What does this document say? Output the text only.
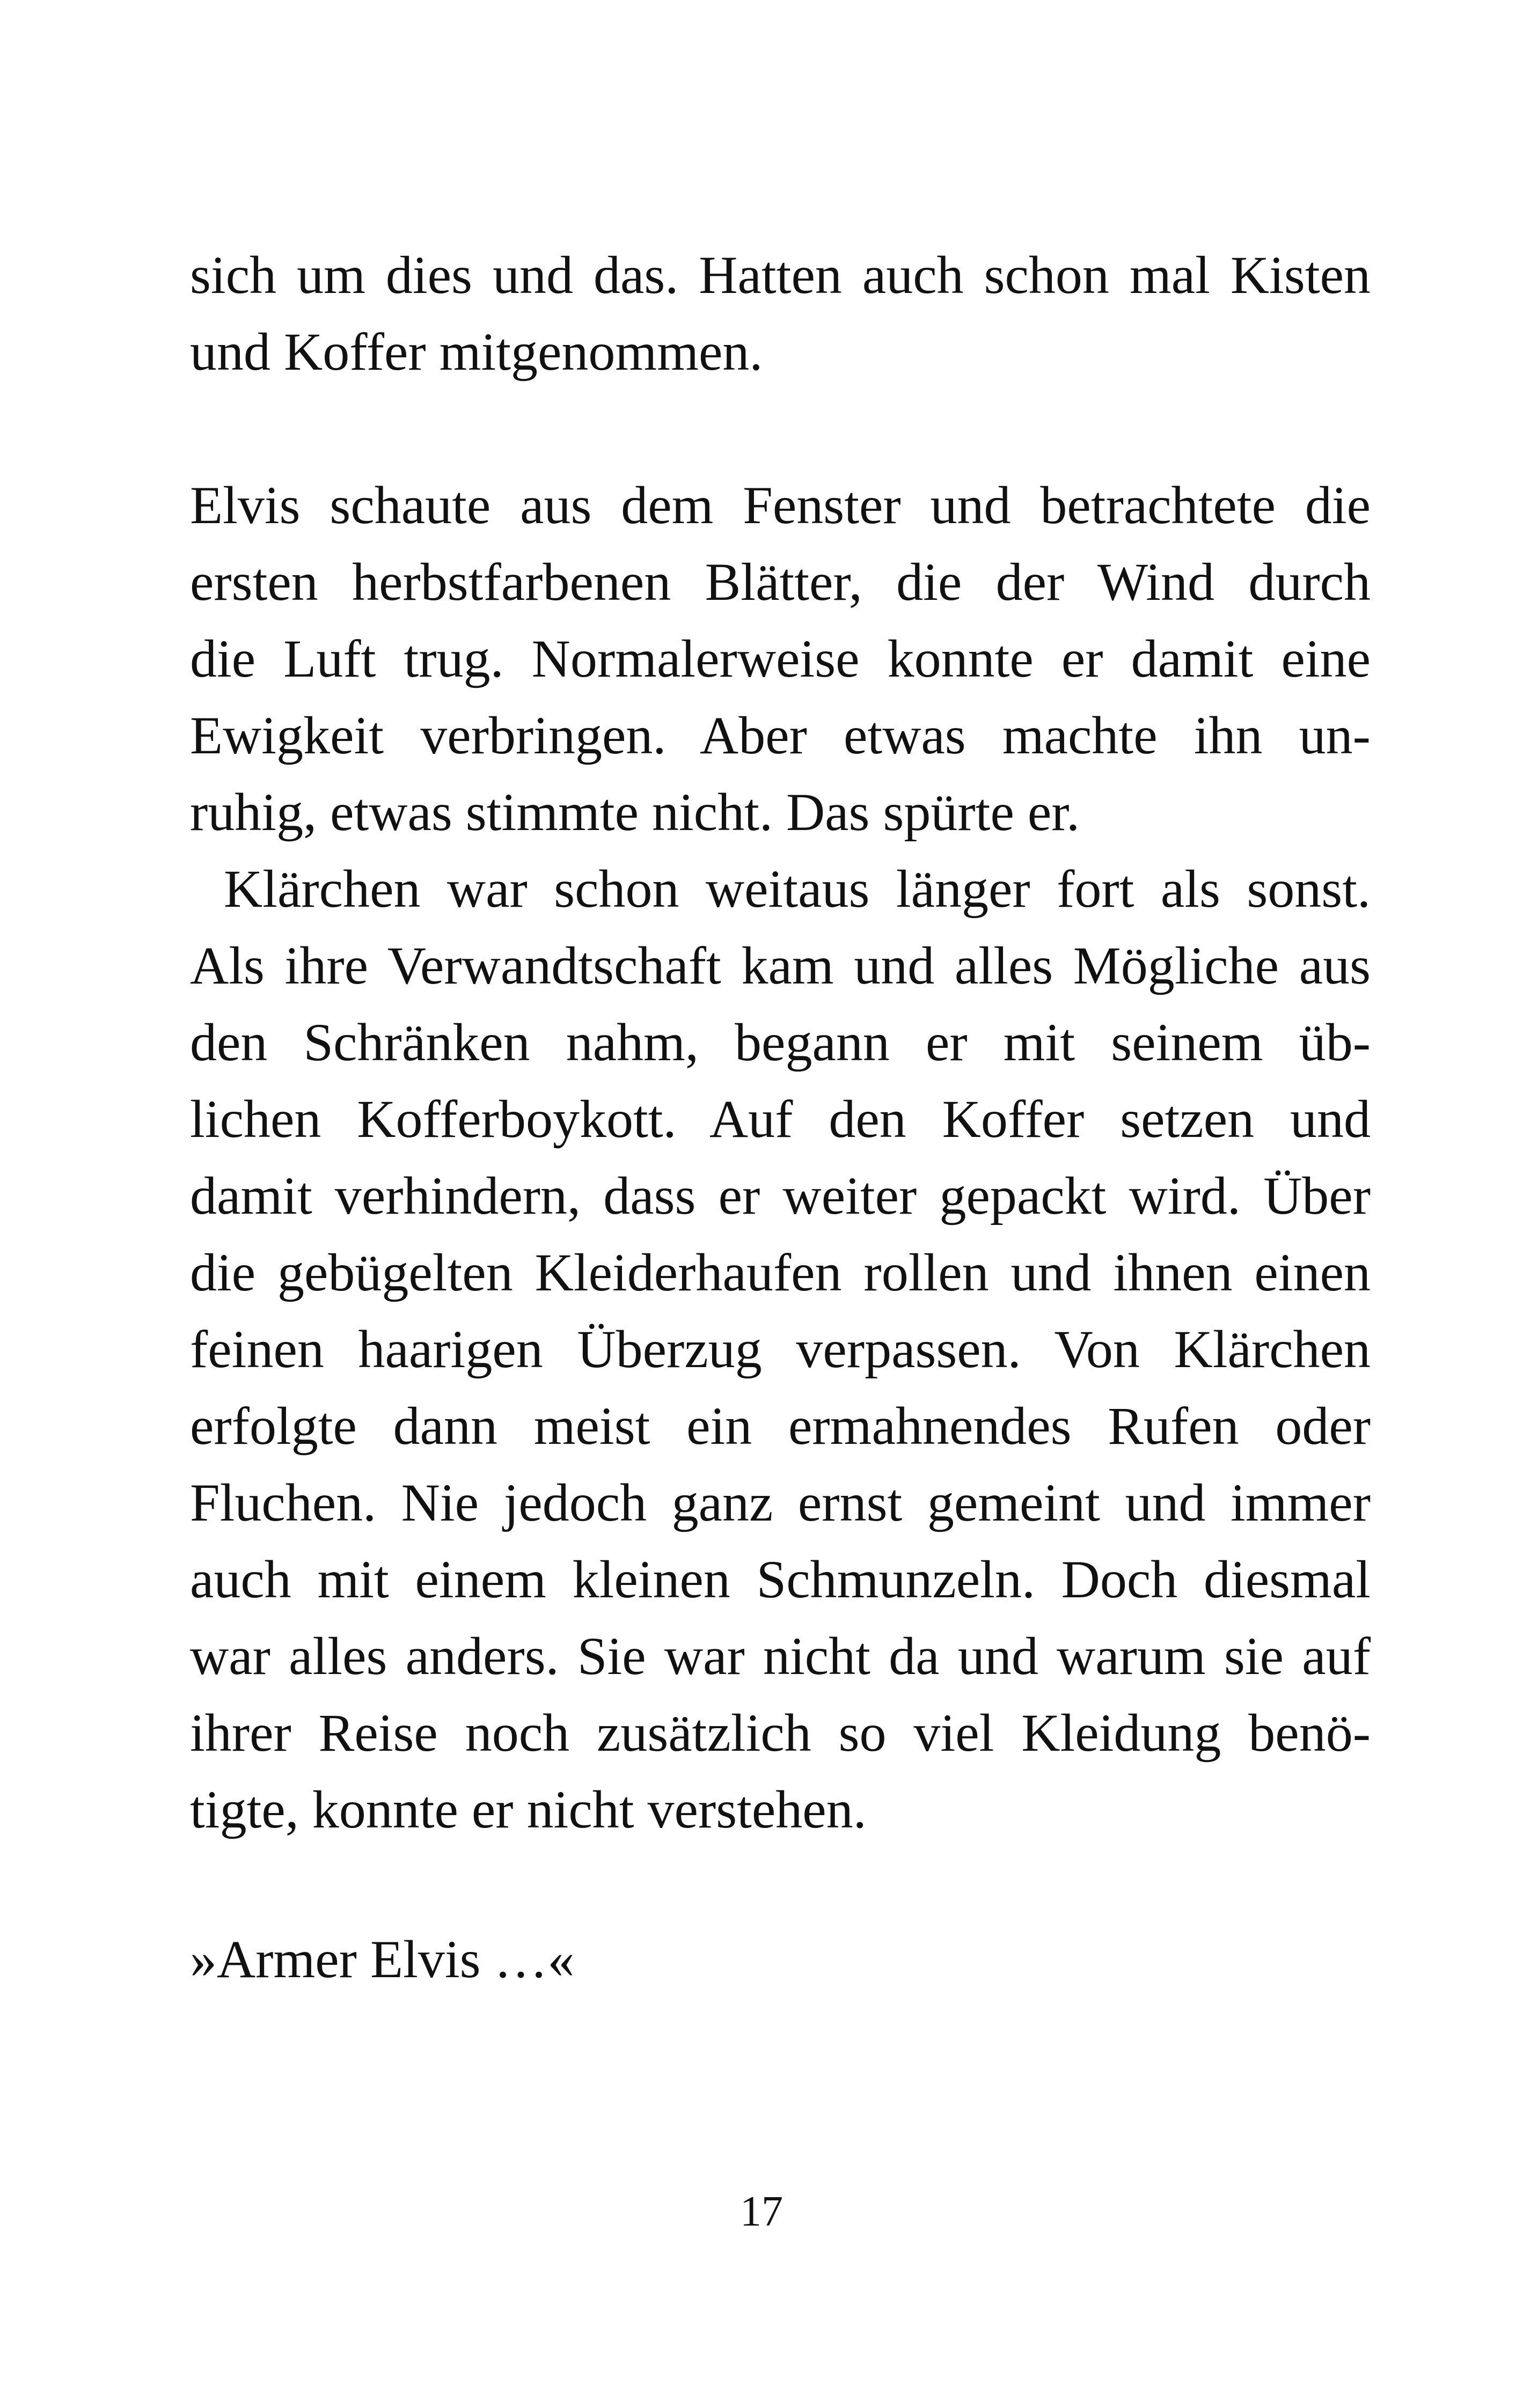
sich um dies und das. Hatten auch schon mal Kisten
und Koffer mitgenommen.

Elvis schaute aus dem Fenster und betrachtete die
ersten herbstfarbenen Blätter, die der Wind durch
die Luft trug. Normalerweise konnte er damit eine
Ewigkeit verbringen. Aber etwas machte ihn un-
ruhig, etwas stimmte nicht. Das spürte er.

Klärchen war schon weitaus länger fort als sonst.
Als ihre Verwandtschaft kam und alles Mögliche aus
den Schränken nahm, begann er mit seinem üb-
lichen Kofferboykott. Auf den Koffer setzen und
damit verhindern, dass er weiter gepackt wird. Über
die gebügelten Kleiderhaufen rollen und ihnen einen
feinen haarigen Überzug verpassen. Von Klärchen
erfolgte dann meist ein ermahnendes Rufen oder
Fluchen. Nie jedoch ganz ernst gemeint und immer
auch mit einem kleinen Schmunzeln. Doch diesmal
war alles anders. Sie war nicht da und warum sie auf
ihrer Reise noch zusätzlich so viel Kleidung benö-
tigte, konnte er nicht verstehen.

»Armer Elvis …«

17
